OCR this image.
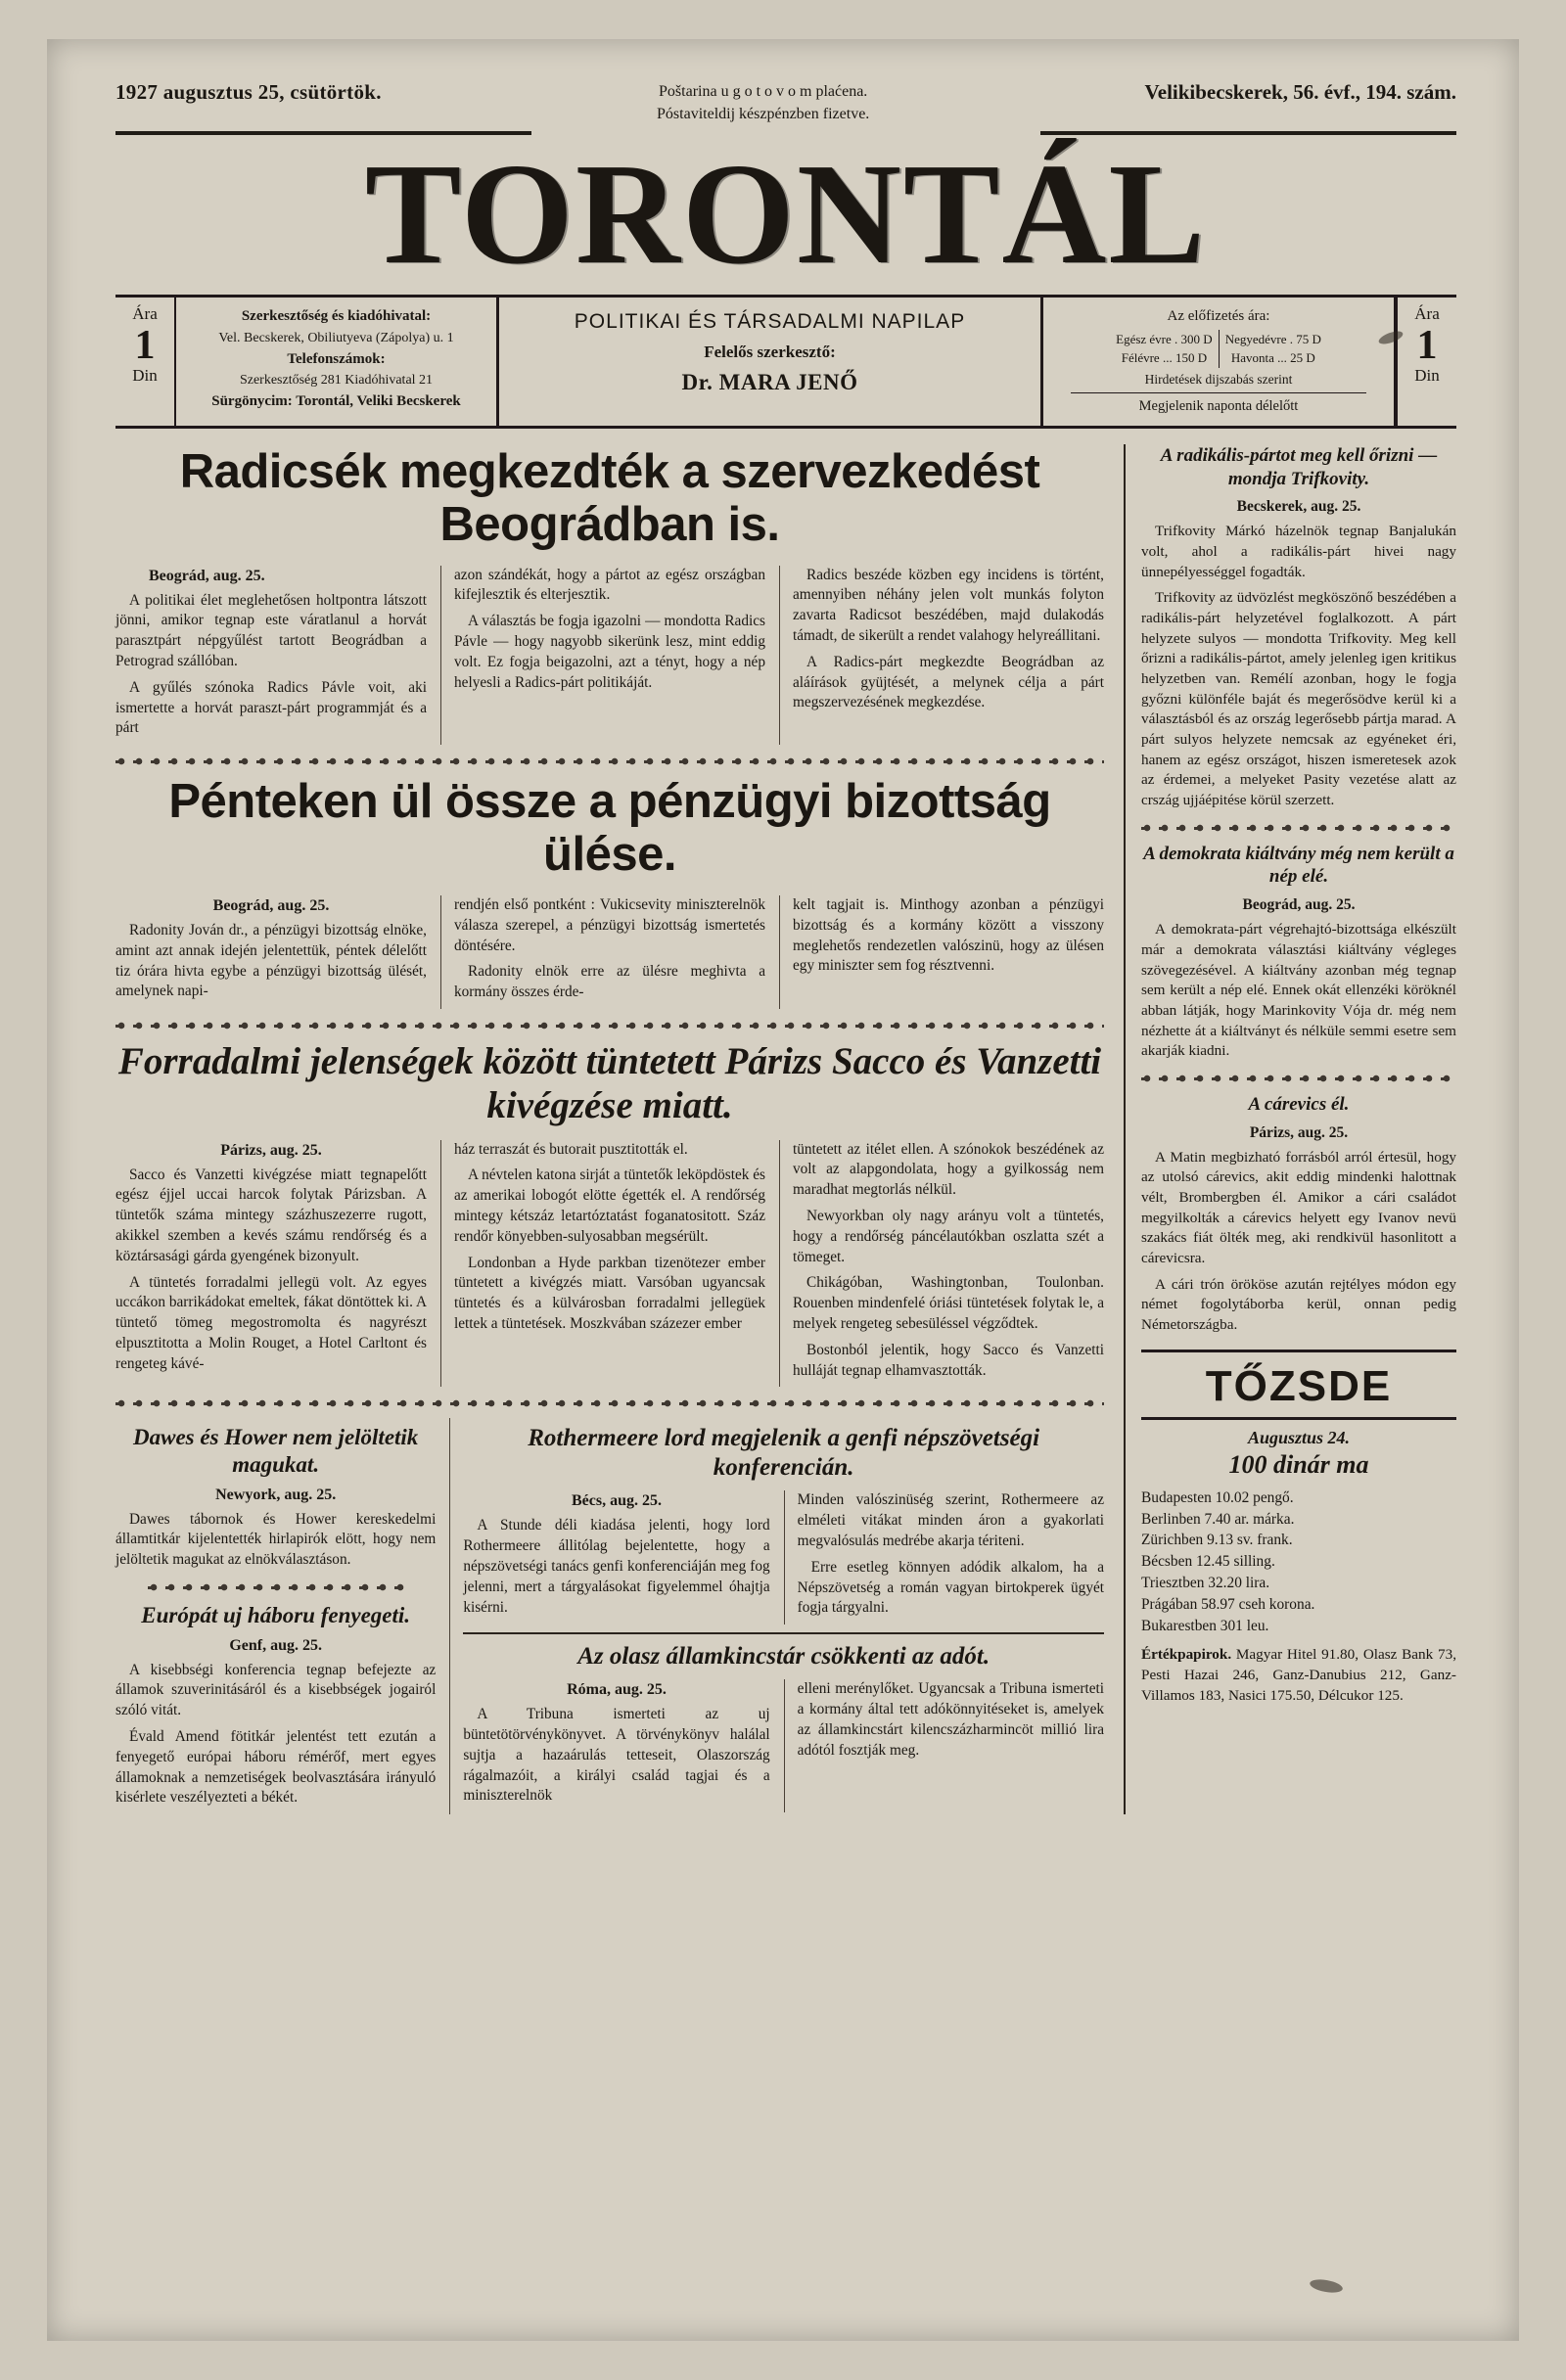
1927 augusztus 25, csütörtök.	Poštarina u g o t o v o m plaćena.
Póstaviteldij készpénzben fizetve.
Velikibecskerek, 56. évf., 194. szám.
TORONTÁL
Ára
1
Din
Szerkesztőség és kiadóhivatal:
Vel. Becskerek, Obiliutyeva (Zápolya) u. 1
Telefonszámok:
Szerkesztőség 281 Kiadóhivatal 21
Sürgönycim: Torontál, Veliki Becskerek
POLITIKAI ÉS TÁRSADALMI NAPILAP
Felelős szerkesztő:
Dr. MARA JENŐ
Az előfizetés ára:
Egész évre . 300 D	Negyedévre . 75 D
Félévre ... 150 D	Havonta ... 25 D
Hirdetések dijszabás szerint
Megjelenik naponta délelőtt
Ára
1
Din
Radicsék megkezdték a szervezkedést Beográdban is.
Beográd, aug. 25.

A politikai élet meglehetősen holtpontra látszott jönni, amikor tegnap este váratlanul a horvát parasztpárt népgyűlést tartott Beográdban a Petrograd szállóban.

A gyűlés szónoka Radics Pávle voit, aki ismertette a horvát paraszt-párt programmját és a párt

azon szándékát, hogy a pártot az egész országban kifejlesztik és elterjesztik.

A választás be fogja igazolni — mondotta Radics Pávle — hogy nagyobb sikerünk lesz, mint eddig volt. Ez fogja beigazolni, azt a tényt, hogy a nép helyesli a Radics-párt politikáját.

Radics beszéde közben egy incidens is történt, amennyiben néhány jelen volt munkás folyton zavarta Radicsot beszédében, majd dulakodás támadt, de sikerült a rendet valahogy helyreállitani.

A Radics-párt megkezdte Beográdban az aláírások gyüjtését, a melynek célja a párt megszervezésének megkezdése.

Pénteken ül össze a pénzügyi bizottság ülése.
Beográd, aug. 25.

Radonity Jován dr., a pénzügyi bizottság elnöke, amint azt annak idején jelentettük, péntek délelőtt tiz órára hivta egybe a pénzügyi bizottság ülését, amelynek napi-

rendjén első pontként : Vukicsevity miniszterelnök válasza szerepel, a pénzügyi bizottság ismertetés döntésére.

Radonity elnök erre az ülésre meghivta a kormány összes érde-

kelt tagjait is. Minthogy azonban a pénzügyi bizottság és a kormány között a visszony meglehetős rendezetlen valószinü, hogy az ülésen egy miniszter sem fog résztvenni.

Forradalmi jelenségek között tüntetett Párizs Sacco és Vanzetti kivégzése miatt.
Párizs, aug. 25.

Sacco és Vanzetti kivégzése miatt tegnapelőtt egész éjjel uccai harcok folytak Párizsban. A tüntetők száma mintegy százhuszezerre rugott, akikkel szemben a kevés számu rendőrség és a köztársasági gárda gyengének bizonyult.

A tüntetés forradalmi jellegü volt. Az egyes uccákon barrikádokat emeltek, fákat döntöttek ki. A tüntető tömeg megostromolta és nagyrészt elpusztitotta a Molin Rouget, a Hotel Carltont és rengeteg kávé-

ház terraszát és butorait pusztitották el.

A névtelen katona sirját a tüntetők leköpdöstek és az amerikai lobogót elötte égették el. A rendőrség mintegy kétszáz letartóztatást foganatositott. Száz rendőr könyebben-sulyosabban megsérült.

Londonban a Hyde parkban tizenötezer ember tüntetett a kivégzés miatt. Varsóban ugyancsak tüntetés és a külvárosban forradalmi jellegüek lettek a tüntetések. Moszkvában százezer ember

tüntetett az itélet ellen. A szónokok beszédének az volt az alapgondolata, hogy a gyilkosság nem maradhat megtorlás nélkül.

Newyorkban oly nagy arányu volt a tüntetés, hogy a rendőrség páncélautókban oszlatta szét a tömeget.

Chikágóban, Washingtonban, Toulonban. Rouenben mindenfelé óriási tüntetések folytak le, a melyek rengeteg sebesüléssel végződtek.

Bostonból jelentik, hogy Sacco és Vanzetti hulláját tegnap elhamvasztották.

Dawes és Hower nem jelöltetik magukat.
Newyork, aug. 25.

Dawes tábornok és Hower kereskedelmi államtitkár kijelentették hirlapirók elött, hogy nem jelöltetik magukat az elnökválasztáson.

Európát uj háboru fenyegeti.
Genf, aug. 25.

A kisebbségi konferencia tegnap befejezte az államok szuverinitásáról és a kisebbségek jogairól szóló vitát.

Évald Amend fötitkár jelentést tett ezután a fenyegető európai háboru rémérőf, mert egyes államoknak a nemzetiségek beolvasztására irányuló kisérlete veszélyezteti a békét.

Rothermeere lord megjelenik a genfi népszövetségi konferencián.
Bécs, aug. 25.

A Stunde déli kiadása jelenti, hogy lord Rothermeere állitólag bejelentette, hogy a népszövetségi tanács genfi konferenciáján meg fog jelenni, mert a tárgyalásokat figyelemmel óhajtja kisérni.

Minden valószinüség szerint, Rothermeere az elméleti vitákat minden áron a gyakorlati megvalósulás medrébe akarja tériteni.

Erre esetleg könnyen adódik alkalom, ha a Népszövetség a román vagyan birtokperek ügyét fogja tárgyalni.

Az olasz államkincstár csökkenti az adót.
Róma, aug. 25.

A Tribuna ismerteti az uj büntetötörvénykönyvet. A törvénykönyv halálal sujtja a hazaárulás tetteseit, Olaszország rágalmazóit, a királyi család tagjai és a miniszterelnök

elleni merénylőket. Ugyancsak a Tribuna ismerteti a kormány által tett adókönnyitéseket is, amelyek az államkincstárt kilencszázharmincöt millió lira adótól fosztják meg.

A radikális-pártot meg kell őrizni — mondja Trifkovity.
Becskerek, aug. 25.

Trifkovity Márkó házelnök tegnap Banjalukán volt, ahol a radikális-párt hivei nagy ünnepélyességgel fogadták.

Trifkovity az üdvözlést megköszönő beszédében a radikális-párt helyzetével foglalkozott. A párt helyzete sulyos — mondotta Trifkovity. Meg kell őrizni a radikális-pártot, amely jelenleg igen kritikus helyzetben van. Remélí azonban, hogy le fogja győzni különféle baját és megerősödve kerül ki a választásból és az ország legerősebb pártja marad. A párt sulyos helyzete nemcsak az egyéneket éri, hanem az egész országot, hiszen ismeretesek azok az érdemei, a melyeket Pasity vezetése alatt az crszág ujjáépitése körül szerzett.

A demokrata kiáltvány még nem került a nép elé.
Beográd, aug. 25.

A demokrata-párt végrehajtó-bizottsága elkészült már a demokrata választási kiáltvány végleges szövegezésével. A kiáltvány azonban még tegnap sem került a nép elé. Ennek okát ellenzéki köröknél abban látják, hogy Marinkovity Vója dr. még nem nézhette át a kiáltványt és nélküle semmi esetre sem akarják kiadni.

A cárevics él.
Párizs, aug. 25.

A Matin megbizható forrásból arról értesül, hogy az utolsó cárevics, akit eddig mindenki halottnak vélt, Brombergben él. Amikor a cári családot megyilkolták a cárevics helyett egy Ivanov nevü szakács fiát ölték meg, aki rendkivül hasonlitott a cárevicsra.

A cári trón örököse azután rejtélyes módon egy német fogolytáborba kerül, onnan pedig Németországba.

TŐZSDE
Augusztus 24.
100 dinár ma
Budapesten 10.02 pengő.
Berlinben 7.40 ar. márka.
Zürichben 9.13 sv. frank.
Bécsben 12.45 silling.
Triesztben 32.20 lira.
Prágában 58.97 cseh korona.
Bukarestben 301 leu.
Értékpapirok. Magyar Hitel 91.80, Olasz Bank 73, Pesti Hazai 246, Ganz-Danubius 212, Ganz-Villamos 183, Nasici 175.50, Délcukor 125.
